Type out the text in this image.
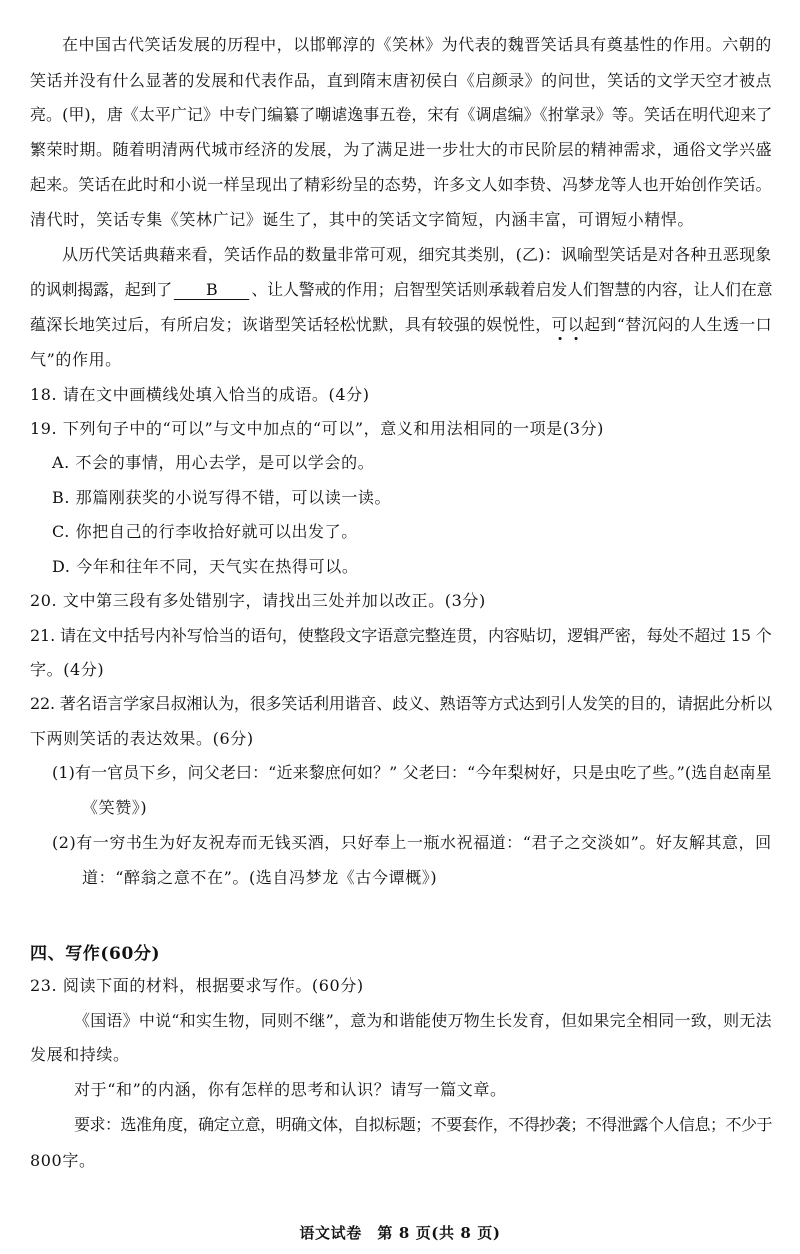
在中国古代笑话发展的历程中，以邯郸淳的《笑林》为代表的魏晋笑话具有奠基性的作用。六朝的
笑话并没有什么显著的发展和代表作品，直到隋末唐初侯白《启颜录》的问世，笑话的文学天空才被点
亮。(甲)，唐《太平广记》中专门编纂了嘲谑逸事五卷，宋有《调虐编》《拊掌录》等。笑话在明代迎来了
繁荣时期。随着明清两代城市经济的发展，为了满足进一步壮大的市民阶层的精神需求，通俗文学兴盛
起来。笑话在此时和小说一样呈现出了精彩纷呈的态势，许多文人如李贽、冯梦龙等人也开始创作笑话。
清代时，笑话专集《笑林广记》诞生了，其中的笑话文字简短，内涵丰富，可谓短小精悍。
从历代笑话典藉来看，笑话作品的数量非常可观，细究其类别，(乙)：讽喻型笑话是对各种丑恶现象
的讽刺揭露，起到了 B 、让人警戒的作用；启智型笑话则承载着启发人们智慧的内容，让人们在意
蕴深长地笑过后，有所启发；诙谐型笑话轻松忧默，具有较强的娱悦性，可以起到“替沉闷的人生透一口
气”的作用。
18. 请在文中画横线处填入恰当的成语。(4分)
19. 下列句子中的“可以”与文中加点的“可以”，意义和用法相同的一项是(3分)
A. 不会的事情，用心去学，是可以学会的。
B. 那篇刚获奖的小说写得不错，可以读一读。
C. 你把自己的行李收拾好就可以出发了。
D. 今年和往年不同，天气实在热得可以。
20. 文中第三段有多处错别字，请找出三处并加以改正。(3分)
21. 请在文中括号内补写恰当的语句，使整段文字语意完整连贯，内容贴切，逻辑严密，每处不超过 15 个
字。(4分)
22. 著名语言学家吕叔湘认为，很多笑话利用谐音、歧义、熟语等方式达到引人发笑的目的，请据此分析以
下两则笑话的表达效果。(6分)
(1)有一官员下乡，问父老曰：“近来黎庶何如？” 父老曰：“今年梨树好，只是虫吃了些。”(选自赵南星
《笑赞》)
(2)有一穷书生为好友祝寿而无钱买酒，只好奉上一瓶水祝福道：“君子之交淡如”。好友解其意，回
道：“醉翁之意不在”。(选自冯梦龙《古今谭概》)
四、写作(60分)
23. 阅读下面的材料，根据要求写作。(60分)
《国语》中说“和实生物，同则不继”，意为和谐能使万物生长发育，但如果完全相同一致，则无法
发展和持续。
对于“和”的内涵，你有怎样的思考和认识？请写一篇文章。
要求：选准角度，确定立意，明确文体，自拟标题；不要套作，不得抄袭；不得泄露个人信息；不少于
800字。
语文试卷　第 8 页(共 8 页)
